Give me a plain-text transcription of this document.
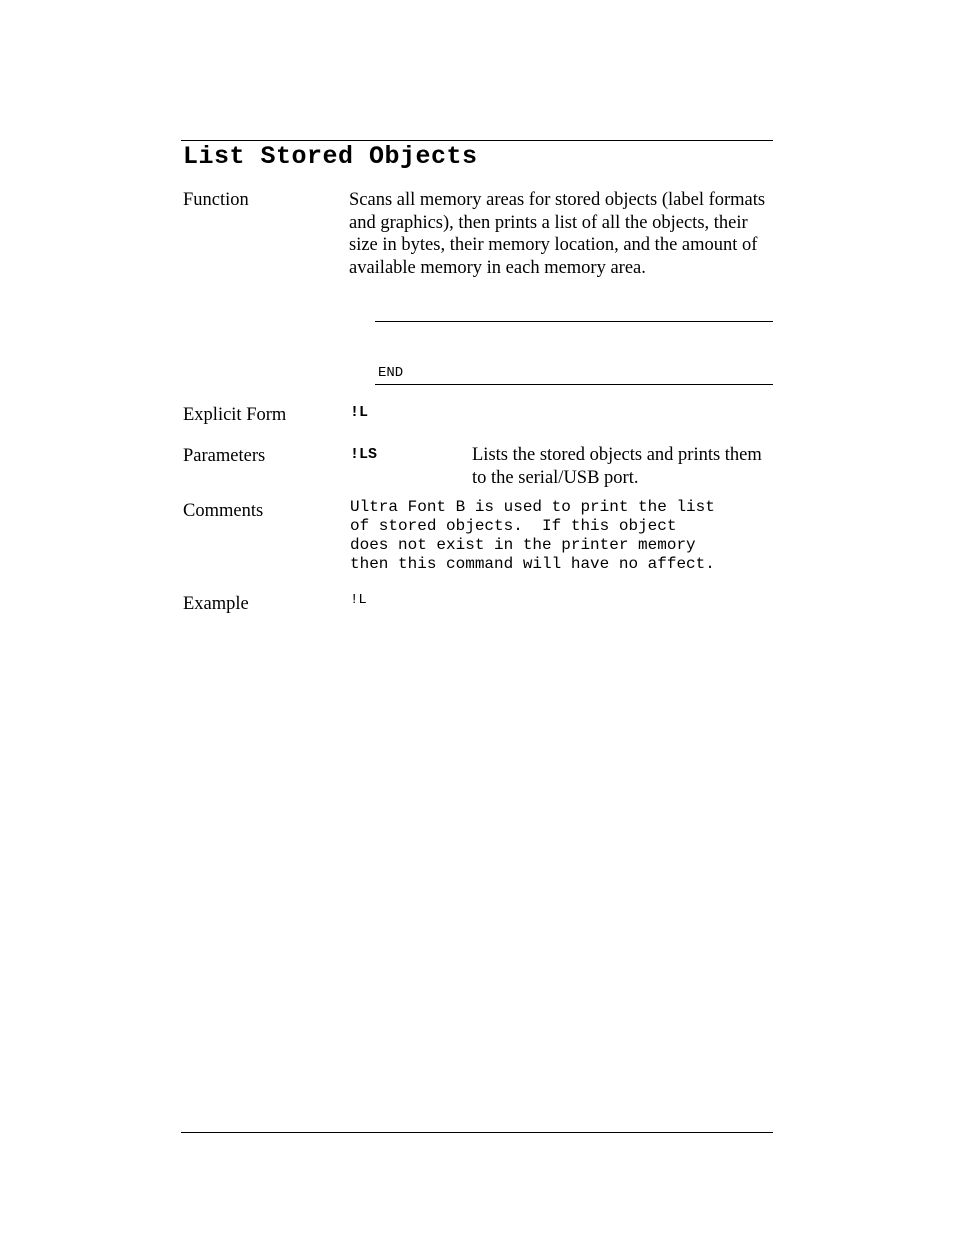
List Stored Objects
Function	Scans all memory areas for stored objects (label formats and graphics), then prints a list of all the objects, their size in bytes, their memory location, and the amount of available memory in each memory area.
END
Explicit Form	!L
Parameters	!LS	Lists the stored objects and prints them to the serial/USB port.
Comments	Ultra Font B is used to print the list
of stored objects.  If this object
does not exist in the printer memory
then this command will have no affect.
Example	!L
